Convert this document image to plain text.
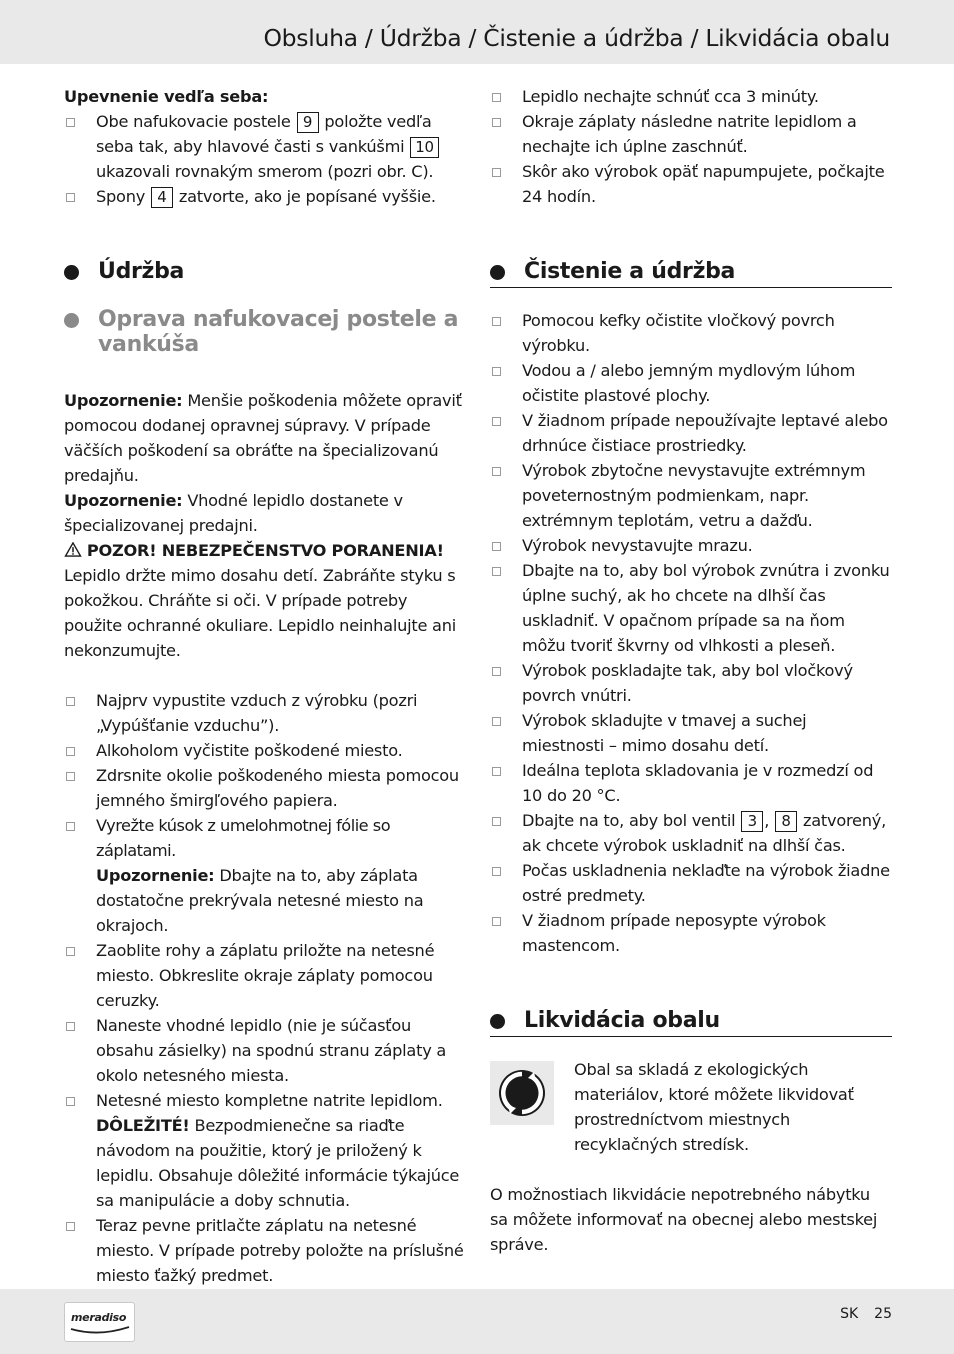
Obsluha / Údržba / Čistenie a údržba / Likvidácia obalu
Upevnenie vedľa seba:
Obe nafukovacie postele 9 položte vedľa seba tak, aby hlavové časti s vankúšmi 10 ukazovali rovnakým smerom (pozri obr. C).
Spony 4 zatvorte, ako je popísané vyššie.
Údržba
Oprava nafukovacej postele a vankúša
Upozornenie: Menšie poškodenia môžete opraviť pomocou dodanej opravnej súpravy. V prípade väčších poškodení sa obráťte na špecializovanú predajňu.
Upozornenie: Vhodné lepidlo dostanete v špecializovanej predajni.
POZOR! NEBEZPEČENSTVO PORANENIA! Lepidlo držte mimo dosahu detí. Zabráňte styku s pokožkou. Chráňte si oči. V prípade potreby použite ochranné okuliare. Lepidlo neinhalujte ani nekonzumujte.
Najprv vypustite vzduch z výrobku (pozri „Vypúšťanie vzduchu”).
Alkoholom vyčistite poškodené miesto.
Zdrsnite okolie poškodeného miesta pomocou jemného šmirgľového papiera.
Vyrežte kúsok z umelohmotnej fólie so záplatami.
Upozornenie: Dbajte na to, aby záplata dostatočne prekrývala netesné miesto na okrajoch.
Zaoblite rohy a záplatu priložte na netesné miesto. Obkreslite okraje záplaty pomocou ceruzky.
Naneste vhodné lepidlo (nie je súčasťou obsahu zásielky) na spodnú stranu záplaty a okolo netesného miesta.
Netesné miesto kompletne natrite lepidlom.
DÔLEŽITÉ! Bezpodmienečne sa riaďte návodom na použitie, ktorý je priložený k lepidlu. Obsahuje dôležité informácie týkajúce sa manipulácie a doby schnutia.
Teraz pevne pritlačte záplatu na netesné miesto. V prípade potreby položte na príslušné miesto ťažký predmet.
Lepidlo nechajte schnúť cca 3 minúty.
Okraje záplaty následne natrite lepidlom a nechajte ich úplne zaschnúť.
Skôr ako výrobok opäť napumpujete, počkajte 24 hodín.
Čistenie a údržba
Pomocou kefky očistite vločkový povrch výrobku.
Vodou a / alebo jemným mydlovým lúhom očistite plastové plochy.
V žiadnom prípade nepoužívajte leptavé alebo drhnúce čistiace prostriedky.
Výrobok zbytočne nevystavujte extrémnym poveternostným podmienkam, napr. extrémnym teplotám, vetru a dažďu.
Výrobok nevystavujte mrazu.
Dbajte na to, aby bol výrobok zvnútra i zvonku úplne suchý, ak ho chcete na dlhší čas uskladniť. V opačnom prípade sa na ňom môžu tvoriť škvrny od vlhkosti a pleseň.
Výrobok poskladajte tak, aby bol vločkový povrch vnútri.
Výrobok skladujte v tmavej a suchej miestnosti – mimo dosahu detí.
Ideálna teplota skladovania je v rozmedzí od 10 do 20 °C.
Dbajte na to, aby bol ventil 3 , 8 zatvorený, ak chcete výrobok uskladniť na dlhší čas.
Počas uskladnenia neklaďte na výrobok žiadne ostré predmety.
V žiadnom prípade neposypte výrobok mastencom.
Likvidácia obalu
Obal sa skladá z ekologických materiálov, ktoré môžete likvidovať prostredníctvom miestnych recyklačných stredísk.
O možnostiach likvidácie nepotrebného nábytku sa môžete informovať na obecnej alebo mestskej správe.
meradiso	SK 25
